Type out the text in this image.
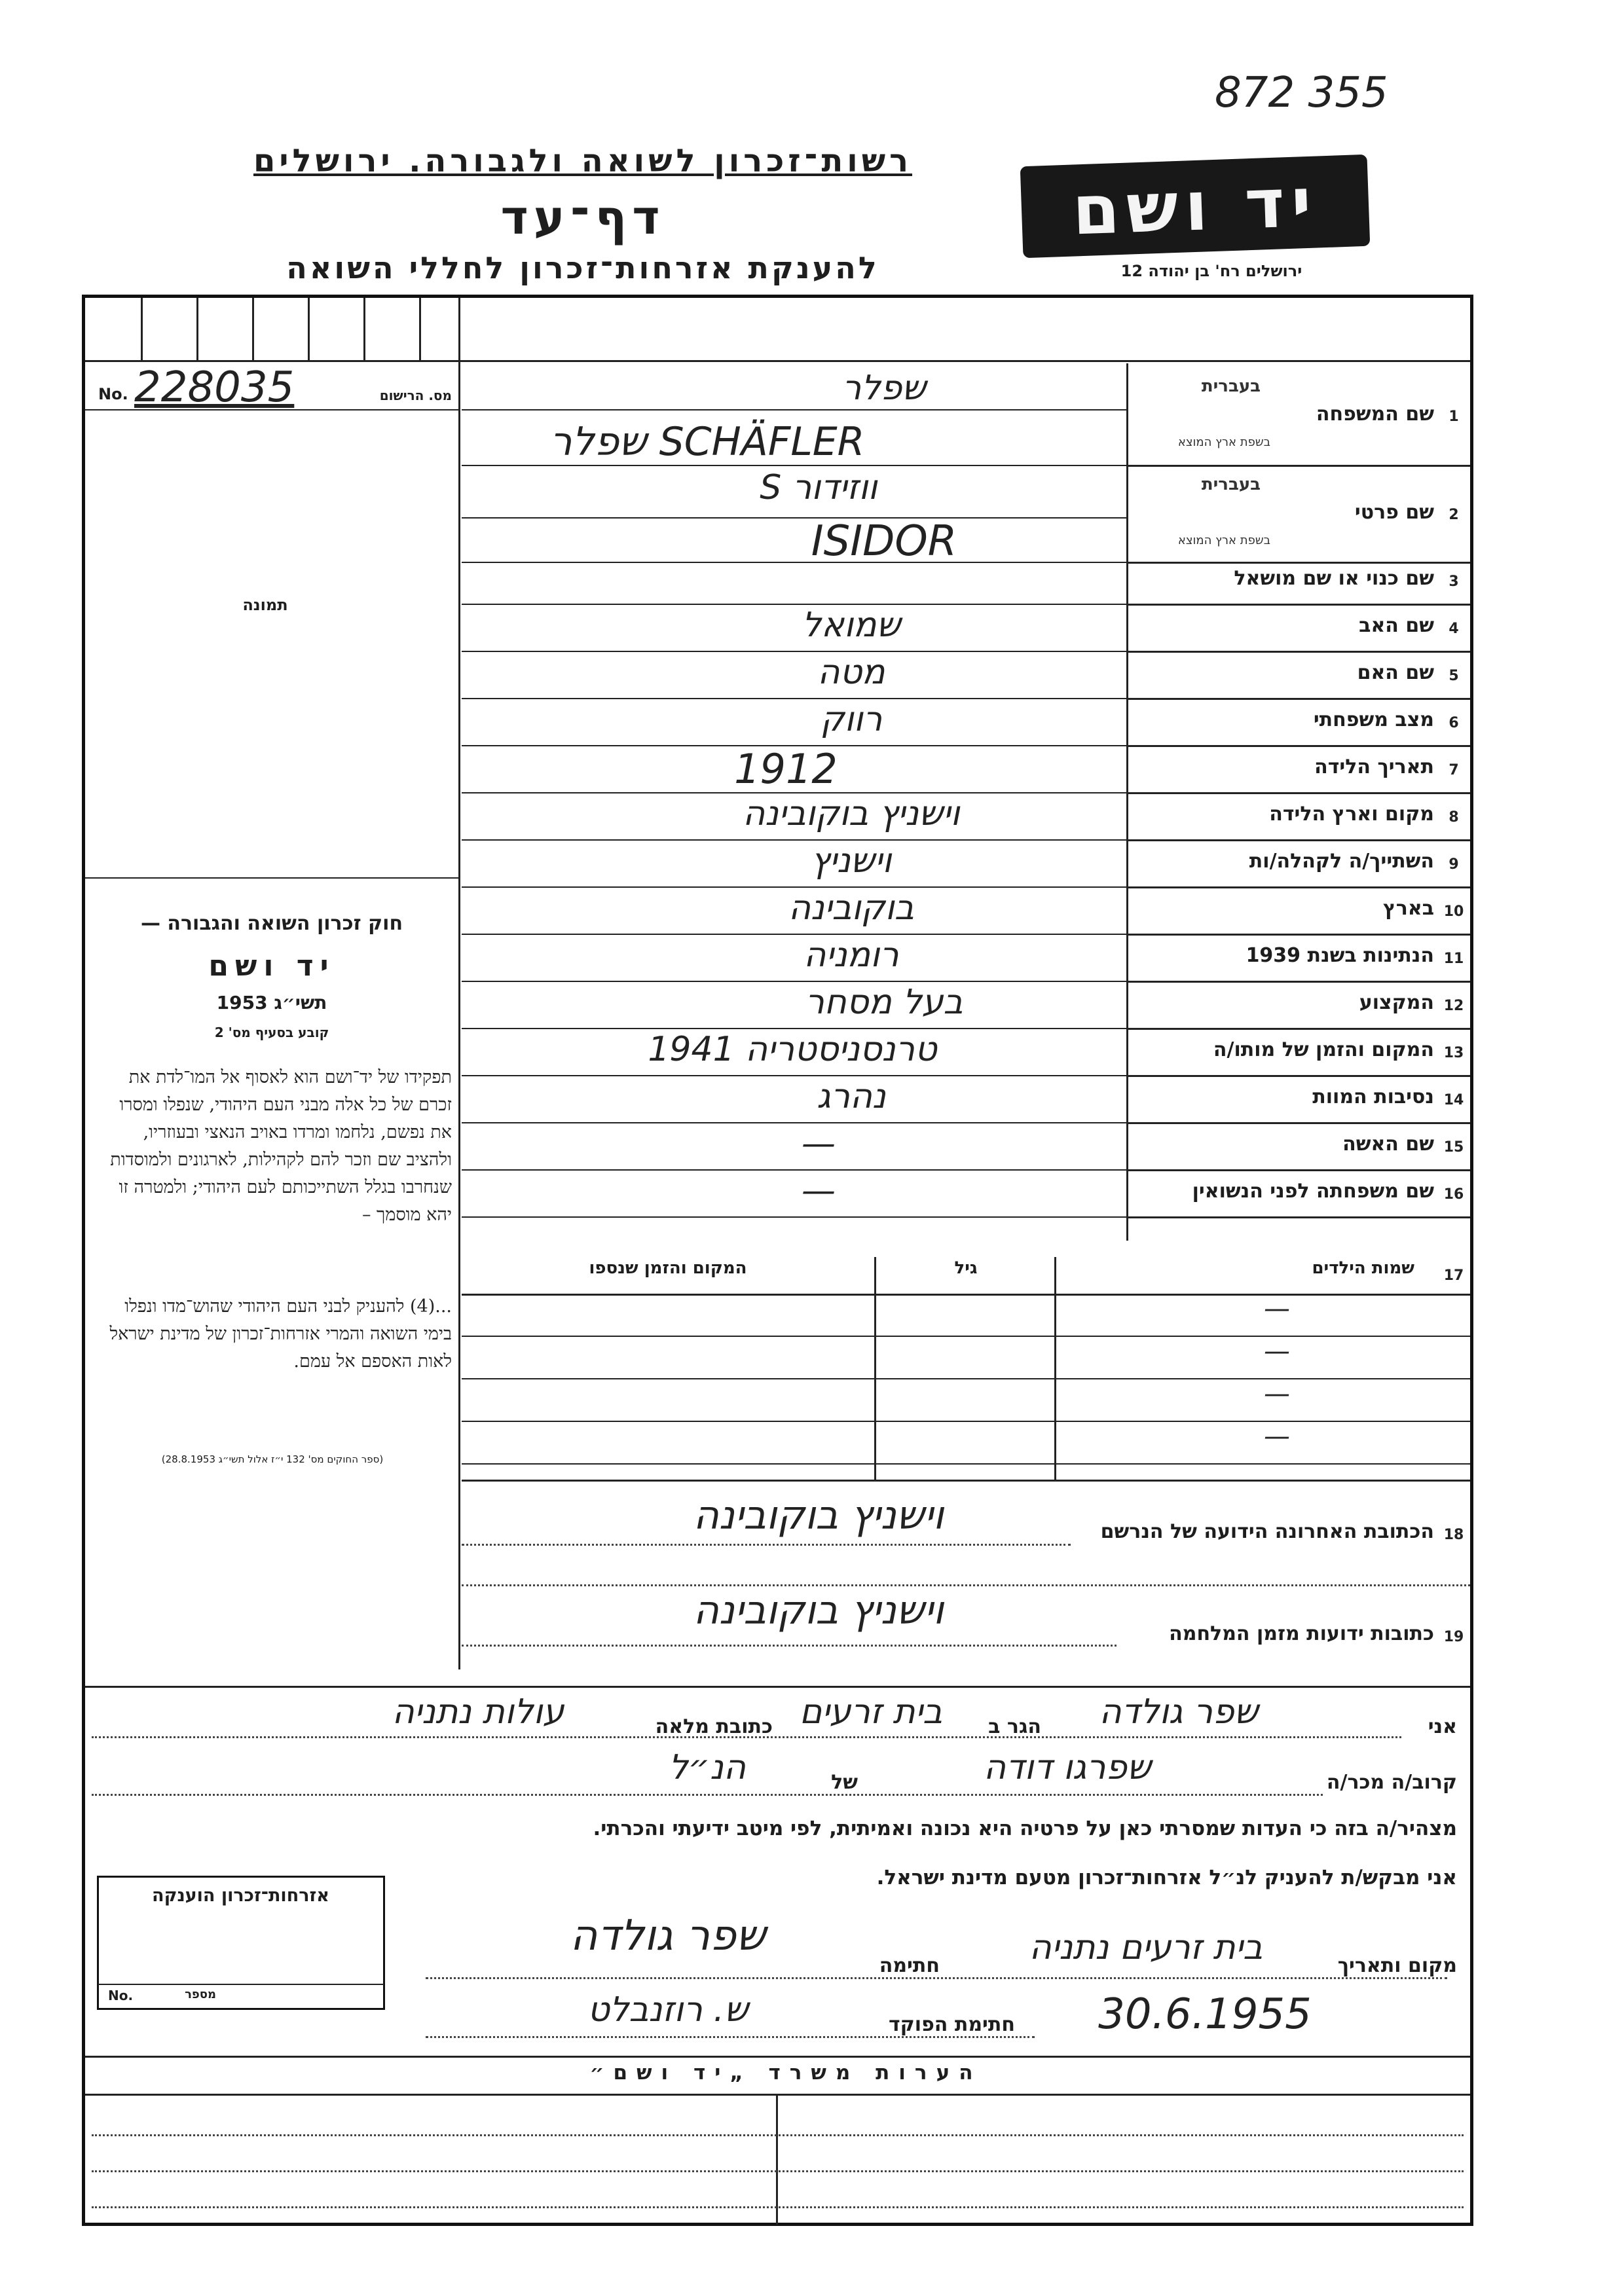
872 355
רשות־זכרון לשואה ולגבורה. ירושלים
דף־עד
להענקת אזרחות־זכרון לחללי השואה
יד ושם
ירושלים רח' בן יהודה 12
No. 228035	מס. הרישום
תמונה
חוק זכרון השואה והגבורה —
יד ושם
תשי״ג 1953
קובע בסעיף מס' 2
תפקידו של יד־ושם הוא לאסוף אל המו־לדת את זכרם של כל אלה מבני העם היהודי, שנפלו ומסרו את נפשם, נלחמו ומרדו באויב הנאצי ובעוזריו, ולהציב שם וזכר להם לקהילות, לארגונים ולמוסדות שנחרבו בגלל השתייכותם לעם היהודי; ולמטרה זו יהא מוסמך –
...(4) להעניק לבני העם היהודי שהוש־מדו ונפלו בימי השואה והמרי אזרחות־זכרון של מדינת ישראל לאות האספם אל עמם.
(ספר החוקים מס' 132 י״ז אלול תשי״ג 28.8.1953)
1
שם המשפחה
בעברית
בשפת ארץ המוצא
שפלר
SCHÄFLER שפלר
2
שם פרטי
בעברית
בשפת ארץ המוצא
ווזידור S
ISIDOR
3
שם כנוי או שם מושאל
4
שם האב
שמואל
5
שם האם
מטה
6
מצב משפחתי
רווק
7
תאריך הלידה
1912
8
מקום וארץ הלידה
וישניץ בוקובינה
9
השתייך/ה לקהלה/ות
וישניץ
10
בארץ
בוקובינה
11
הנתינות בשנת 1939
רומניה
12
המקצוע
בעל מסחר
13
המקום והזמן של מותו/ה
טרנסניסטריה 1941
14
נסיבות המוות
נהרג
15
שם האשה
—
16
שם משפחתה לפני הנשואין
—
17
שמות הילדים
גיל
המקום והזמן שנספו
—
—
—
—
18
הכתובת האחרונה הידועה של הנרשם
וישניץ בוקובינה
19
כתובות ידועות מזמן המלחמה
וישניץ בוקובינה
אני
שפר גולדה
הגר ב
בית זרעים
כתובת מלאה
עולות נתניה
קרוב/ה מכר/ה
שפרגו דודה
של
הנ״ל
מצהיר/ה בזה כי העדות שמסרתי כאן על פרטיה היא נכונה ואמיתית, לפי מיטב ידיעתי והכרתי.
אני מבקש/ת להעניק לנ״ל אזרחות־זכרון מטעם מדינת ישראל.
מקום ותאריך
בית זרעים נתניה
חתימה
שפר גולדה
30.6.1955
חתימת הפוקד
ש. רוזנבלט
אזרחות־זכרון הוענקה
No.	מספר
הערות משרד „יד ושם״
